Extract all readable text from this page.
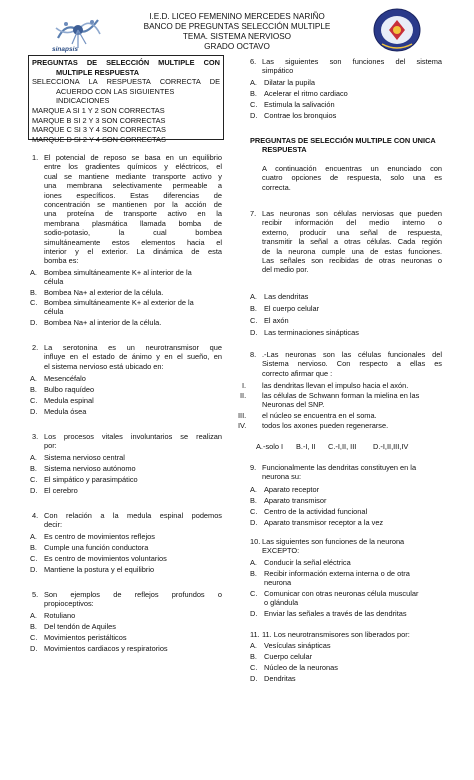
I.E.D. LICEO FEMENINO MERCEDES NARIÑO
BANCO DE PREGUNTAS SELECCIÓN MULTIPLE
TEMA. SISTEMA NERVIOSO
GRADO OCTAVO
sinapsis
PREGUNTAS DE SELECCIÓN MULTIPLE CON
MULTIPLE RESPUESTA
SELECCIONA LA RESPUESTA CORRECTA DE
ACUERDO CON LAS SIGUIENTES INDICACIONES
MARQUE A SI 1 Y 2 SON CORRECTAS
MARQUE B SI 2 Y 3 SON CORRECTAS
MARQUE C SI 3 Y 4 SON CORRECTAS
MARQUE D SI 2 Y 4 SON CORRECTAS
1. El potencial de reposo se basa en un equilibrio
entre los gradientes químicos y eléctricos, el
cual se mantiene mediante transporte activo y
una membrana selectivamente permeable a
iones específicos. Estas diferencias de
concentración se mantienen por la acción de
una proteína de transporte activo en la
membrana plasmática llamada bomba de
sodio-potasio, la cual bombea
simultáneamente estos elementos hacia el
interior y el exterior. La dinámica de esta
bomba es:
A. Bombea simultáneamente K+ al interior de la
célula
B. Bombea Na+ al exterior de la célula.
C. Bombea simultáneamente K+ al exterior de la
célula
D. Bombea Na+ al interior de la célula.
2. La serotonina es un neurotransmisor que
influye en el estado de ánimo y en el sueño, en
el sistema nervioso está ubicado en:
A. Mesencéfalo
B. Bulbo raquídeo
C. Medula espinal
D. Medula ósea
3. Los procesos vitales involuntarios se realizan
por:
A. Sistema nervioso central
B. Sistema nervioso autónomo
C. El simpático y parasimpático
D. El cerebro
4. Con relación a la medula espinal podemos
decir:
A. Es centro de movimientos reflejos
B. Cumple una función conductora
C. Es centro de movimientos voluntarios
D. Mantiene la postura y el equilibrio
5. Son ejemplos de reflejos profundos o
propioceptivos:
A. Rotuliano
B. Del tendón de Aquiles
C. Movimientos peristálticos
D. Movimientos cardiacos y respiratorios
6. Las siguientes son funciones del sistema
simpático
A. Dilatar la pupila
B. Acelerar el ritmo cardiaco
C. Estimula la salivación
D. Contrae los bronquios
PREGUNTAS DE SELECCIÓN MULTIPLE CON UNICA
RESPUESTA
A continuación encuentras un enunciado con
cuatro opciones de respuesta, solo una es
correcta.
7. Las neuronas son células nerviosas que pueden
recibir información del medio interno o
externo, producir una señal de respuesta,
transmitir la señal a otras células. Cada región
de la neurona cumple una de estas funciones.
Las señales son recibidas de otras neuronas o
del medio por.
A. Las dendritas
B. El cuerpo celular
C. El axón
D. Las terminaciones sinápticas
8. .-Las neuronas son las células funcionales del
Sistema nervioso. Con respecto a ellas es
correcto afirmar que :
I. las dendritas llevan el impulso hacia el axón.
II. las células de Schwann forman la mielina en las
Neuronas del SNP.
III. el núcleo se encuentra en el soma.
IV. todos los axones pueden regenerarse.
A.-solo I B.-I, II C.-I,II, III D.-I,II,III,IV
9. Funcionalmente las dendritas constituyen en la
neurona su:
A. Aparato receptor
B. Aparato transmisor
C. Centro de la actividad funcional
D. Aparato transmisor receptor a la vez
10. Las siguientes son funciones de la neurona
EXCEPTO:
A. Conducir la señal eléctrica
B. Recibir información externa interna o de otra
neurona
C. Comunicar con otras neuronas célula muscular
o glándula
D. Enviar las señales a través de las dendritas
11. 11. Los neurotransmisores son liberados por:
A. Vesículas sinápticas
B. Cuerpo celular
C. Núcleo de la neuronas
D. Dendritas
